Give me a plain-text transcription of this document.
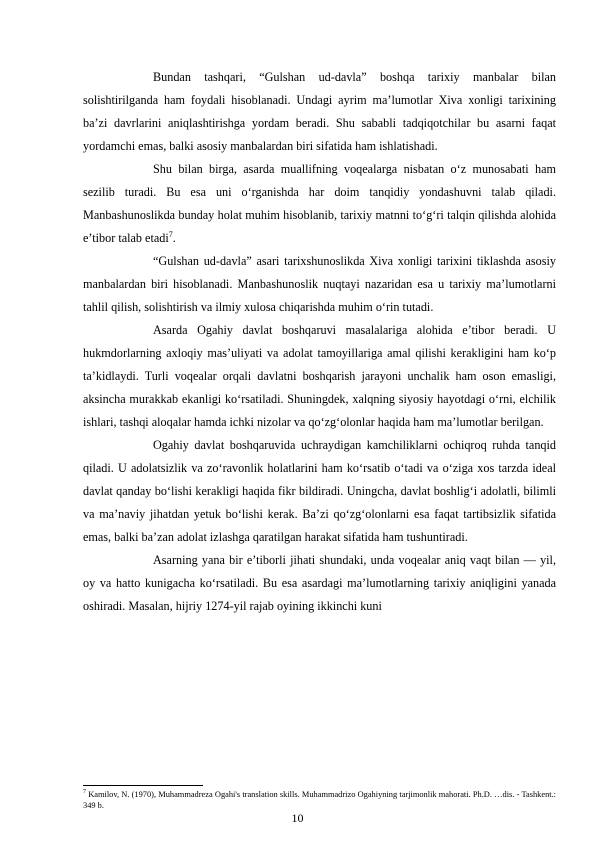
Bundan tashqari, “Gulshan ud-davla” boshqa tarixiy manbalar bilan solishtirilganda ham foydali hisoblanadi. Undagi ayrim ma’lumotlar Xiva xonligi tarixining ba’zi davrlarini aniqlashtirishga yordam beradi. Shu sababli tadqiqotchilar bu asarni faqat yordamchi emas, balki asosiy manbalardan biri sifatida ham ishlatishadi.

Shu bilan birga, asarda muallifning voqealarga nisbatan o‘z munosabati ham sezilib turadi. Bu esa uni o‘rganishda har doim tanqidiy yondashuvni talab qiladi. Manbashunoslikda bunday holat muhim hisoblanib, tarixiy matnni to‘g‘ri talqin qilishda alohida e’tibor talab etadi$^7$.

“Gulshan ud-davla” asari tarixshunoslikda Xiva xonligi tarixini tiklashda asosiy manbalardan biri hisoblanadi. Manbashunoslik nuqtayi nazaridan esa u tarixiy ma’lumotlarni tahlil qilish, solishtirish va ilmiy xulosa chiqarishda muhim o‘rin tutadi.

Asarda Ogahiy davlat boshqaruvi masalalariga alohida e’tibor beradi. U hukmdorlarning axloqiy mas’uliyati va adolat tamoyillariga amal qilishi kerakligini ham ko‘p ta’kidlaydi. Turli voqealar orqali davlatni boshqarish jarayoni unchalik ham oson emasligi, aksincha murakkab ekanligi ko‘rsatiladi. Shuningdek, xalqning siyosiy hayotdagi o‘rni, elchilik ishlari, tashqi aloqalar hamda ichki nizolar va qo‘zg‘olonlar haqida ham ma’lumotlar berilgan.

Ogahiy davlat boshqaruvida uchraydigan kamchiliklarni ochiqroq ruhda tanqid qiladi. U adolatsizlik va zo‘ravonlik holatlarini ham ko‘rsatib o‘tadi va o‘ziga xos tarzda ideal davlat qanday bo‘lishi kerakligi haqida fikr bildiradi. Uningcha, davlat boshlig‘i adolatli, bilimli va ma’naviy jihatdan yetuk bo‘lishi kerak. Ba’zi qo‘zg‘olonlarni esa faqat tartibsizlik sifatida emas, balki ba’zan adolat izlashga qaratilgan harakat sifatida ham tushuntiradi.

Asarning yana bir e’tiborli jihati shundaki, unda voqealar aniq vaqt bilan — yil, oy va hatto kunigacha ko‘rsatiladi. Bu esa asardagi ma’lumotlarning tarixiy aniqligini yanada oshiradi. Masalan, hijriy 1274-yil rajab oyining ikkinchi kuni

$^7$ Kamilov, N. (1970), Muhammadreza Ogahi's translation skills. Muhammadrizo Ogahiyning tarjimonlik mahorati. Ph.D. …dis. - Tashkent.: 349 b.
10
